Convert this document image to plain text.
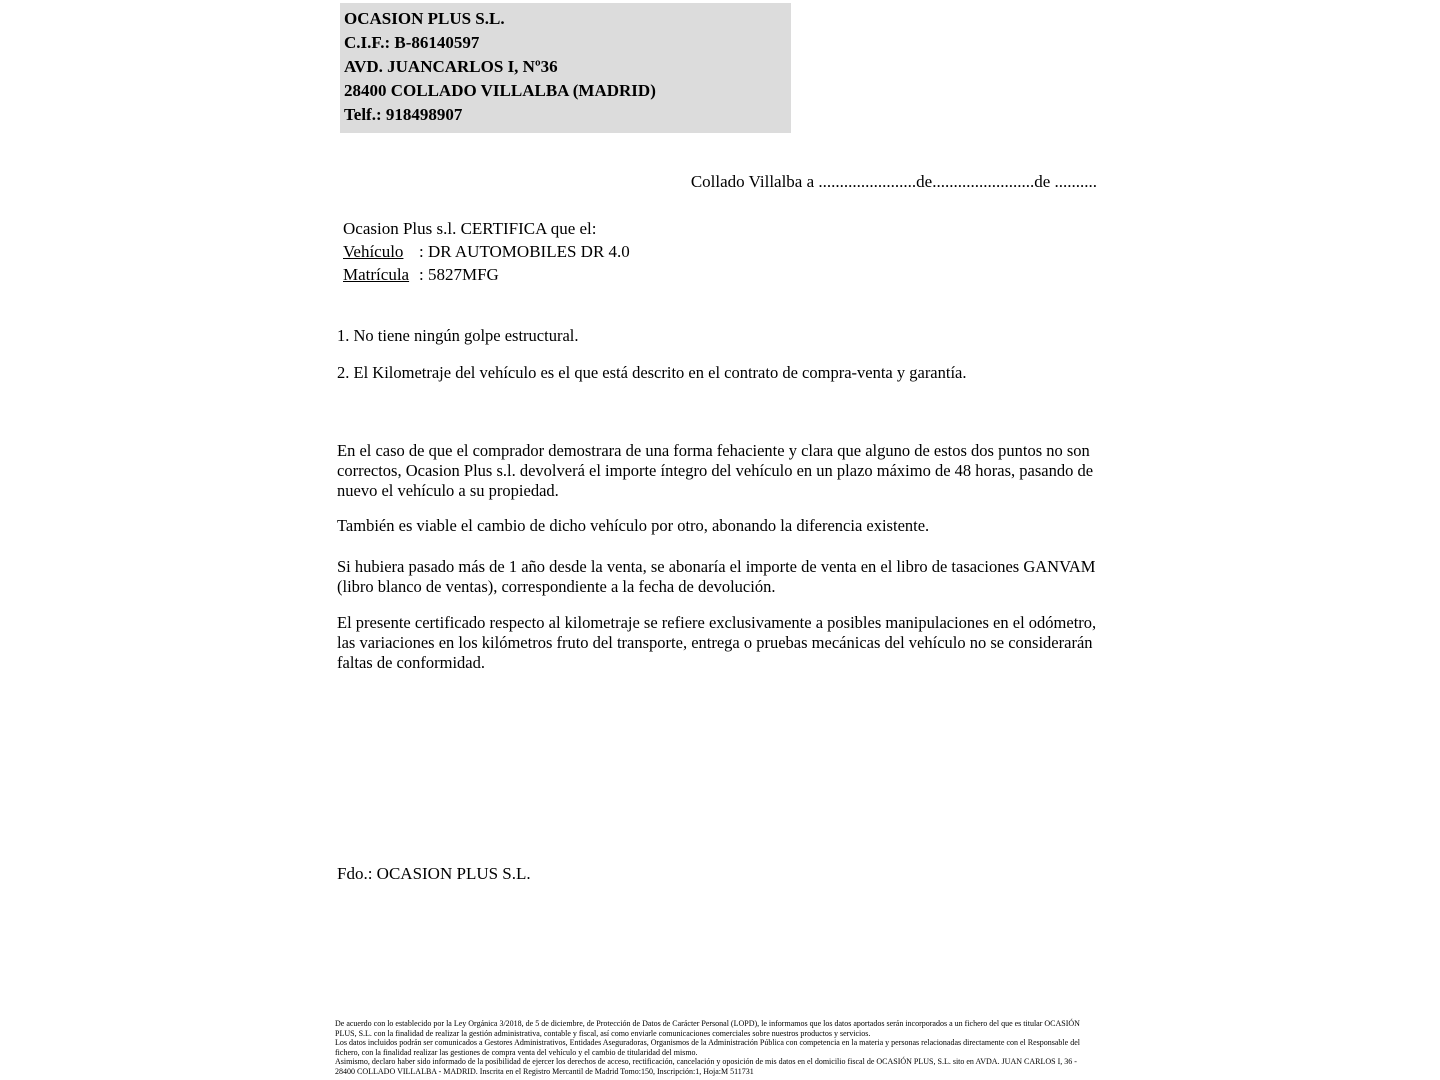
OCASION PLUS S.L.
C.I.F.: B-86140597
AVD. JUANCARLOS I, Nº36
28400 COLLADO VILLALBA (MADRID)
Telf.: 918498907
Collado Villalba a .......................de........................de ..........
Ocasion Plus s.l. CERTIFICA que el:
Vehículo : DR AUTOMOBILES DR 4.0
Matrícula : 5827MFG
1. No tiene ningún golpe estructural.
2. El Kilometraje del vehículo es el que está descrito en el contrato de compra-venta y garantía.

En el caso de que el comprador demostrara de una forma fehaciente y clara que alguno de estos dos puntos no son correctos, Ocasion Plus s.l. devolverá el importe íntegro del vehículo en un plazo máximo de 48 horas, pasando de nuevo el vehículo a su propiedad.

También es viable el cambio de dicho vehículo por otro, abonando la diferencia existente.

Si hubiera pasado más de 1 año desde la venta, se abonaría el importe de venta en el libro de tasaciones GANVAM (libro blanco de ventas), correspondiente a la fecha de devolución.

El presente certificado respecto al kilometraje se refiere exclusivamente a posibles manipulaciones en el odómetro, las variaciones en los kilómetros fruto del transporte, entrega o pruebas mecánicas del vehículo no se considerarán faltas de conformidad.

Fdo.: OCASION PLUS S.L.

De acuerdo con lo establecido por la Ley Orgánica 3/2018, de 5 de diciembre, de Protección de Datos de Carácter Personal (LOPD), le informamos que los datos aportados serán incorporados a un fichero del que es titular OCASIÓN PLUS, S.L. con la finalidad de realizar la gestión administrativa, contable y fiscal, así como enviarle comunicaciones comerciales sobre nuestros productos y servicios.

Los datos incluidos podrán ser comunicados a Gestores Administrativos, Entidades Aseguradoras, Organismos de la Administración Pública con competencia en la materia y personas relacionadas directamente con el Responsable del fichero, con la finalidad realizar las gestiones de compra venta del vehículo y el cambio de titularidad del mismo.

Asimismo, declaro haber sido informado de la posibilidad de ejercer los derechos de acceso, rectificación, cancelación y oposición de mis datos en el domicilio fiscal de OCASIÓN PLUS, S.L. sito en AVDA. JUAN CARLOS I, 36 - 28400 COLLADO VILLALBA - MADRID. Inscrita en el Registro Mercantil de Madrid Tomo:150, Inscripción:1, Hoja:M 511731
